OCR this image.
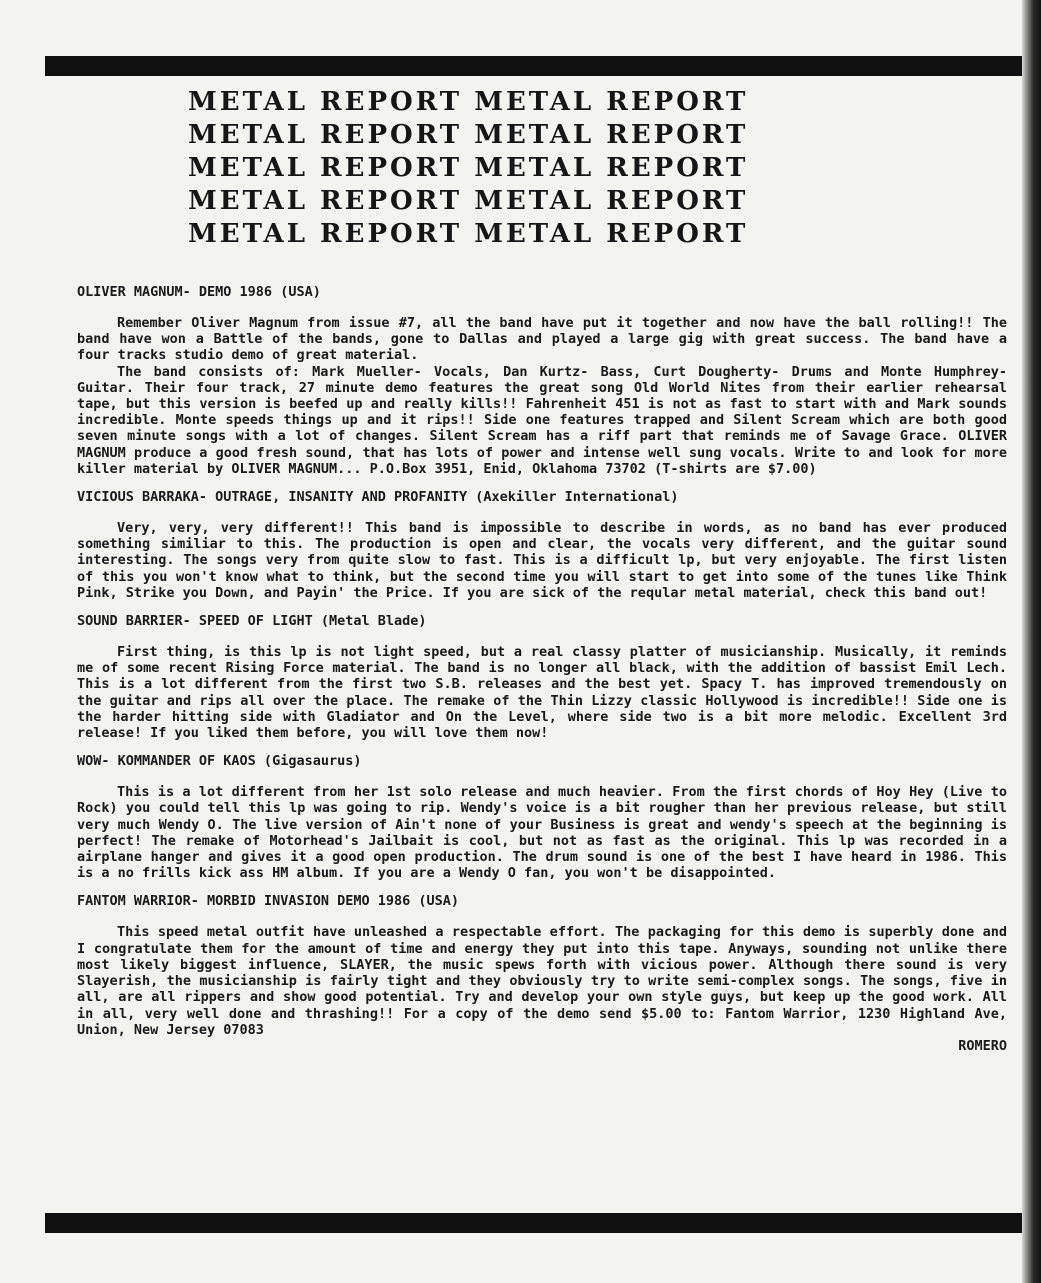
METAL REPORT METAL REPORT
METAL REPORT METAL REPORT
METAL REPORT METAL REPORT
METAL REPORT METAL REPORT
METAL REPORT METAL REPORT

OLIVER MAGNUM- DEMO 1986 (USA)

Remember Oliver Magnum from issue #7, all the band have put it together and now have the ball rolling!! The band have won a Battle of the bands, gone to Dallas and played a large gig with great success. The band have a four tracks studio demo of great material.

The band consists of: Mark Mueller- Vocals, Dan Kurtz- Bass, Curt Dougherty- Drums and Monte Humphrey- Guitar. Their four track, 27 minute demo features the great song Old World Nites from their earlier rehearsal tape, but this version is beefed up and really kills!! Fahrenheit 451 is not as fast to start with and Mark sounds incredible. Monte speeds things up and it rips!! Side one features trapped and Silent Scream which are both good seven minute songs with a lot of changes. Silent Scream has a riff part that reminds me of Savage Grace. OLIVER MAGNUM produce a good fresh sound, that has lots of power and intense well sung vocals. Write to and look for more killer material by OLIVER MAGNUM... P.O.Box 3951, Enid, Oklahoma 73702 (T-shirts are $7.00)

VICIOUS BARRAKA- OUTRAGE, INSANITY AND PROFANITY (Axekiller International)

Very, very, very different!! This band is impossible to describe in words, as no band has ever produced something similiar to this. The production is open and clear, the vocals very different, and the guitar sound interesting. The songs very from quite slow to fast. This is a difficult lp, but very enjoyable. The first listen of this you won't know what to think, but the second time you will start to get into some of the tunes like Think Pink, Strike you Down, and Payin' the Price. If you are sick of the reqular metal material, check this band out!

SOUND BARRIER- SPEED OF LIGHT (Metal Blade)

First thing, is this lp is not light speed, but a real classy platter of musicianship. Musically, it reminds me of some recent Rising Force material. The band is no longer all black, with the addition of bassist Emil Lech. This is a lot different from the first two S.B. releases and the best yet. Spacy T. has improved tremendously on the guitar and rips all over the place. The remake of the Thin Lizzy classic Hollywood is incredible!! Side one is the harder hitting side with Gladiator and On the Level, where side two is a bit more melodic. Excellent 3rd release! If you liked them before, you will love them now!

WOW- KOMMANDER OF KAOS (Gigasaurus)

This is a lot different from her 1st solo release and much heavier. From the first chords of Hoy Hey (Live to Rock) you could tell this lp was going to rip. Wendy's voice is a bit rougher than her previous release, but still very much Wendy O. The live version of Ain't none of your Business is great and wendy's speech at the beginning is perfect! The remake of Motorhead's Jailbait is cool, but not as fast as the original. This lp was recorded in a airplane hanger and gives it a good open production. The drum sound is one of the best I have heard in 1986. This is a no frills kick ass HM album. If you are a Wendy O fan, you won't be disappointed.

FANTOM WARRIOR- MORBID INVASION DEMO 1986 (USA)

This speed metal outfit have unleashed a respectable effort. The packaging for this demo is superbly done and I congratulate them for the amount of time and energy they put into this tape. Anyways, sounding not unlike there most likely biggest influence, SLAYER, the music spews forth with vicious power. Although there sound is very Slayerish, the musicianship is fairly tight and they obviously try to write semi-complex songs. The songs, five in all, are all rippers and show good potential. Try and develop your own style guys, but keep up the good work. All in all, very well done and thrashing!! For a copy of the demo send $5.00 to: Fantom Warrior, 1230 Highland Ave, Union, New Jersey 07083

ROMERO
